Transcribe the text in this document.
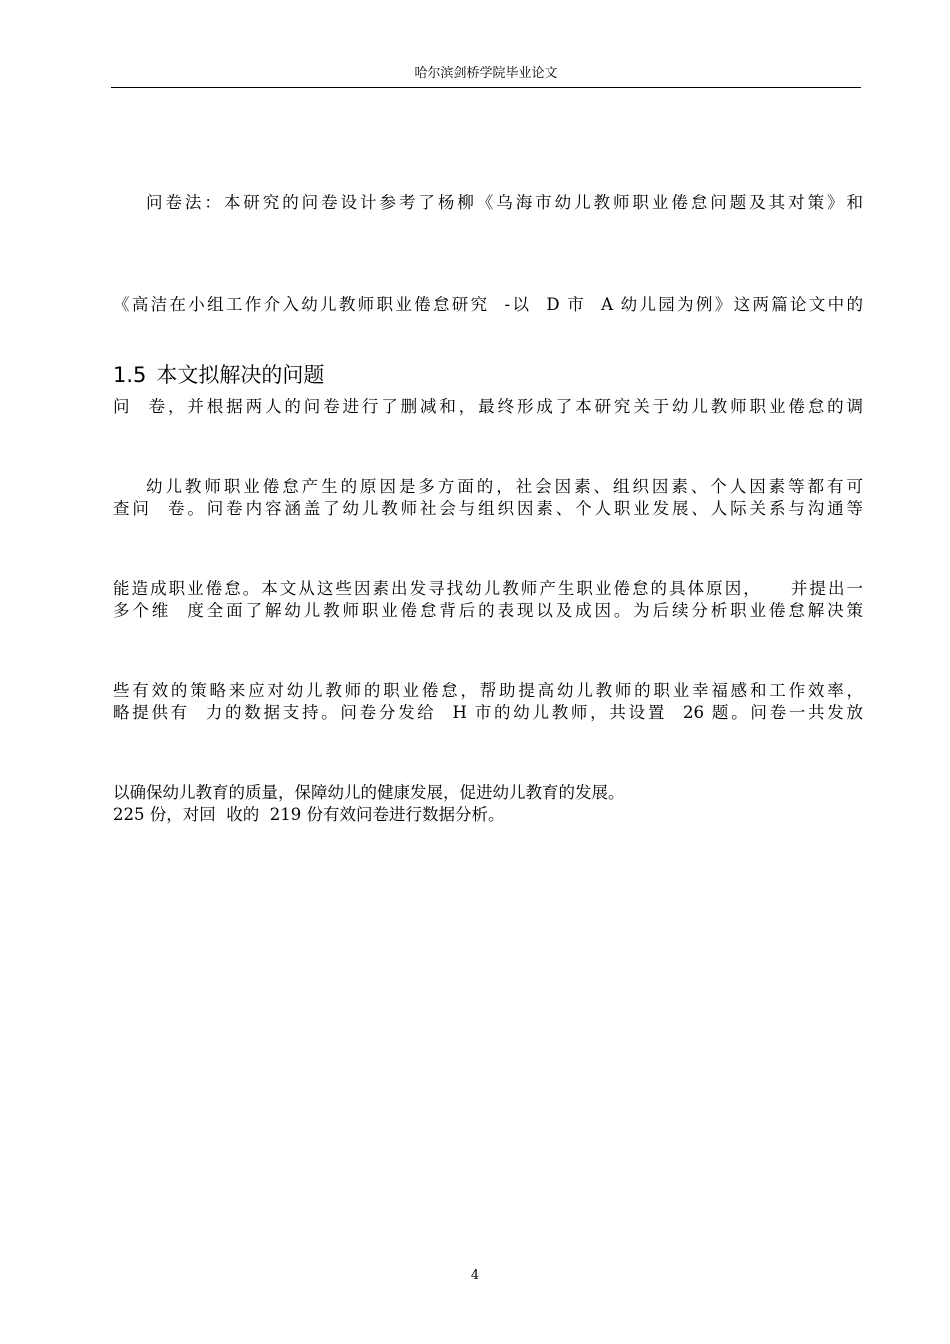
哈尔滨剑桥学院毕业论文

问卷法：本研究的问卷设计参考了杨柳《乌海市幼儿教师职业倦怠问题及其对策》和

《高洁在小组工作介入幼儿教师职业倦怠研究  -以  D 市  A 幼儿园为例》这两篇论文中的

问  卷，并根据两人的问卷进行了删减和，最终形成了本研究关于幼儿教师职业倦怠的调

查问  卷。问卷内容涵盖了幼儿教师社会与组织因素、个人职业发展、人际关系与沟通等

多个维  度全面了解幼儿教师职业倦怠背后的表现以及成因。为后续分析职业倦怠解决策

略提供有  力的数据支持。问卷分发给  H 市的幼儿教师，共设置  26 题。问卷一共发放

225 份，对回  收的  219 份有效问卷进行数据分析。

1.5 本文拟解决的问题

幼儿教师职业倦怠产生的原因是多方面的，社会因素、组织因素、个人因素等都有可

能造成职业倦怠。本文从这些因素出发寻找幼儿教师产生职业倦怠的具体原因，    并提出一

些有效的策略来应对幼儿教师的职业倦怠，帮助提高幼儿教师的职业幸福感和工作效率，

以确保幼儿教育的质量，保障幼儿的健康发展，促进幼儿教育的发展。

4
